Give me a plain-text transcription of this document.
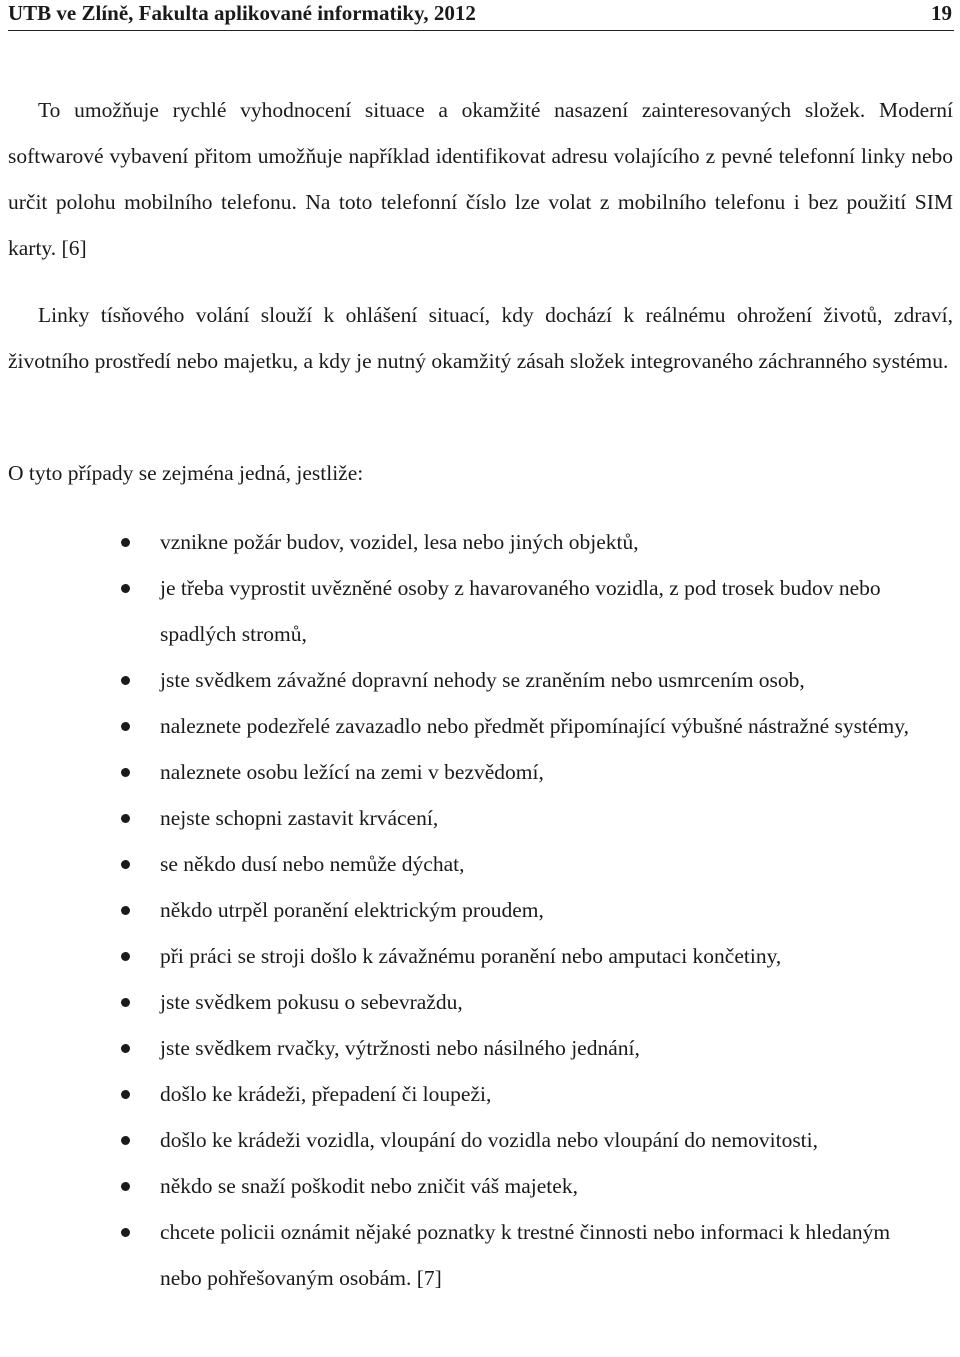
UTB ve Zlíně, Fakulta aplikované informatiky, 2012	19

To umožňuje rychlé vyhodnocení situace a okamžité nasazení zainteresovaných složek. Moderní softwarové vybavení přitom umožňuje například identifikovat adresu volajícího z pevné telefonní linky nebo určit polohu mobilního telefonu. Na toto telefonní číslo lze volat z mobilního telefonu i bez použití SIM karty. [6]

Linky tísňového volání slouží k ohlášení situací, kdy dochází k reálnému ohrožení životů, zdraví, životního prostředí nebo majetku, a kdy je nutný okamžitý zásah složek integrovaného záchranného systému.

O tyto případy se zejména jedná, jestliže:

vznikne požár budov, vozidel, lesa nebo jiných objektů,
je třeba vyprostit uvězněné osoby z havarovaného vozidla, z pod trosek budov nebo spadlých stromů,
jste svědkem závažné dopravní nehody se zraněním nebo usmrcením osob,
naleznete podezřelé zavazadlo nebo předmět připomínající výbušné nástražné systémy,
naleznete osobu ležící na zemi v bezvědomí,
nejste schopni zastavit krvácení,
se někdo dusí nebo nemůže dýchat,
někdo utrpěl poranění elektrickým proudem,
při práci se stroji došlo k závažnému poranění nebo amputaci končetiny,
jste svědkem pokusu o sebevraždu,
jste svědkem rvačky, výtržnosti nebo násilného jednání,
došlo ke krádeži, přepadení či loupeži,
došlo ke krádeži vozidla, vloupání do vozidla nebo vloupání do nemovitosti,
někdo se snaží poškodit nebo zničit váš majetek,
chcete policii oznámit nějaké poznatky k trestné činnosti nebo informaci k hledaným nebo pohřešovaným osobám. [7]
